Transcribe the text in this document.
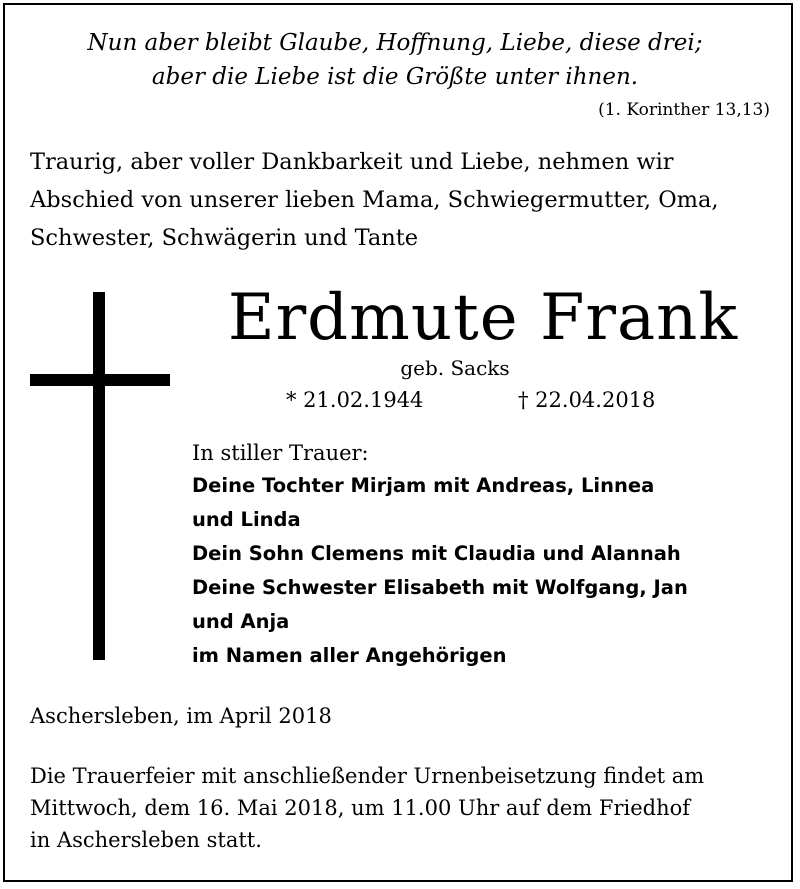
Nun aber bleibt Glaube, Hoffnung, Liebe, diese drei;
aber die Liebe ist die Größte unter ihnen.
(1. Korinther 13,13)
Traurig, aber voller Dankbarkeit und Liebe, nehmen wir
Abschied von unserer lieben Mama, Schwiegermutter, Oma,
Schwester, Schwägerin und Tante
Erdmute Frank
geb. Sacks
* 21.02.1944	† 22.04.2018
In stiller Trauer:
Deine Tochter Mirjam mit Andreas, Linnea
und Linda
Dein Sohn Clemens mit Claudia und Alannah
Deine Schwester Elisabeth mit Wolfgang, Jan
und Anja
im Namen aller Angehörigen
Aschersleben, im April 2018
Die Trauerfeier mit anschließender Urnenbeisetzung findet am
Mittwoch, dem 16. Mai 2018, um 11.00 Uhr auf dem Friedhof
in Aschersleben statt.
